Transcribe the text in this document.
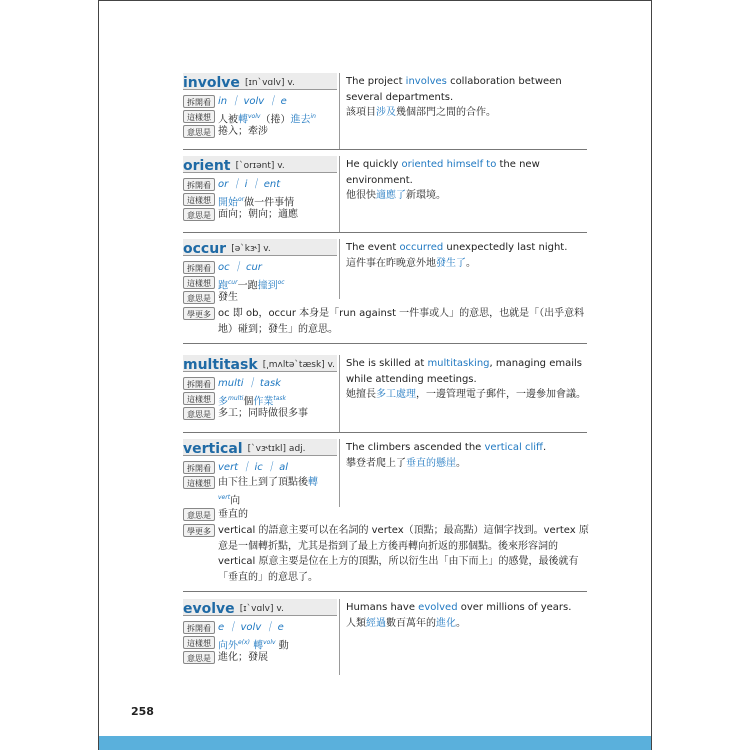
involve [ɪn`vɑlv] v.
拆開看 in ｜ volv ｜ e
這樣想 人被轉$^{volv}$（捲）進去$^{in}$
意思是 捲入；牽涉
The project involves collaboration between several departments.
該項目涉及幾個部門之間的合作。
orient [`orɪənt] v.
拆開看 or ｜ i ｜ ent
這樣想 開始$^{or}$做一件事情
意思是 面向；朝向；適應
He quickly oriented himself to the new environment.
他很快適應了新環境。
occur [ə`kɝ] v.
拆開看 oc ｜ cur
這樣想 跑$^{cur}$一跑撞到$^{oc}$
意思是 發生
學更多 oc 即 ob，occur 本身是「run against 一件事或人」的意思，也就是「（出乎意料地）碰到；發生」的意思。
The event occurred unexpectedly last night.
這件事在昨晚意外地發生了。
multitask [͵mʌltə`tæsk] v.
拆開看 multi ｜ task
這樣想 多$^{multi}$個作業$^{task}$
意思是 多工；同時做很多事
She is skilled at multitasking, managing emails while attending meetings.
她擅長多工處理，一邊管理電子郵件，一邊參加會議。
vertical [`vɝtɪkl] adj.
拆開看 vert ｜ ic ｜ al
這樣想 由下往上到了頂點後轉$^{vert}$向
意思是 垂直的
學更多 vertical 的語意主要可以在名詞的 vertex（頂點；最高點）這個字找到。vertex 原意是一個轉折點，尤其是指到了最上方後再轉向折返的那個點。後來形容詞的 vertical 原意主要是位在上方的頂點，所以衍生出「由下而上」的感覺，最後就有「垂直的」的意思了。
The climbers ascended the vertical cliff.
攀登者爬上了垂直的懸崖。
evolve [ɪ`vɑlv] v.
拆開看 e ｜ volv ｜ e
這樣想 向外$^{e(x)}$ 轉$^{volv}$ 動
意思是 進化；發展
Humans have evolved over millions of years.
人類經過數百萬年的進化。
258
